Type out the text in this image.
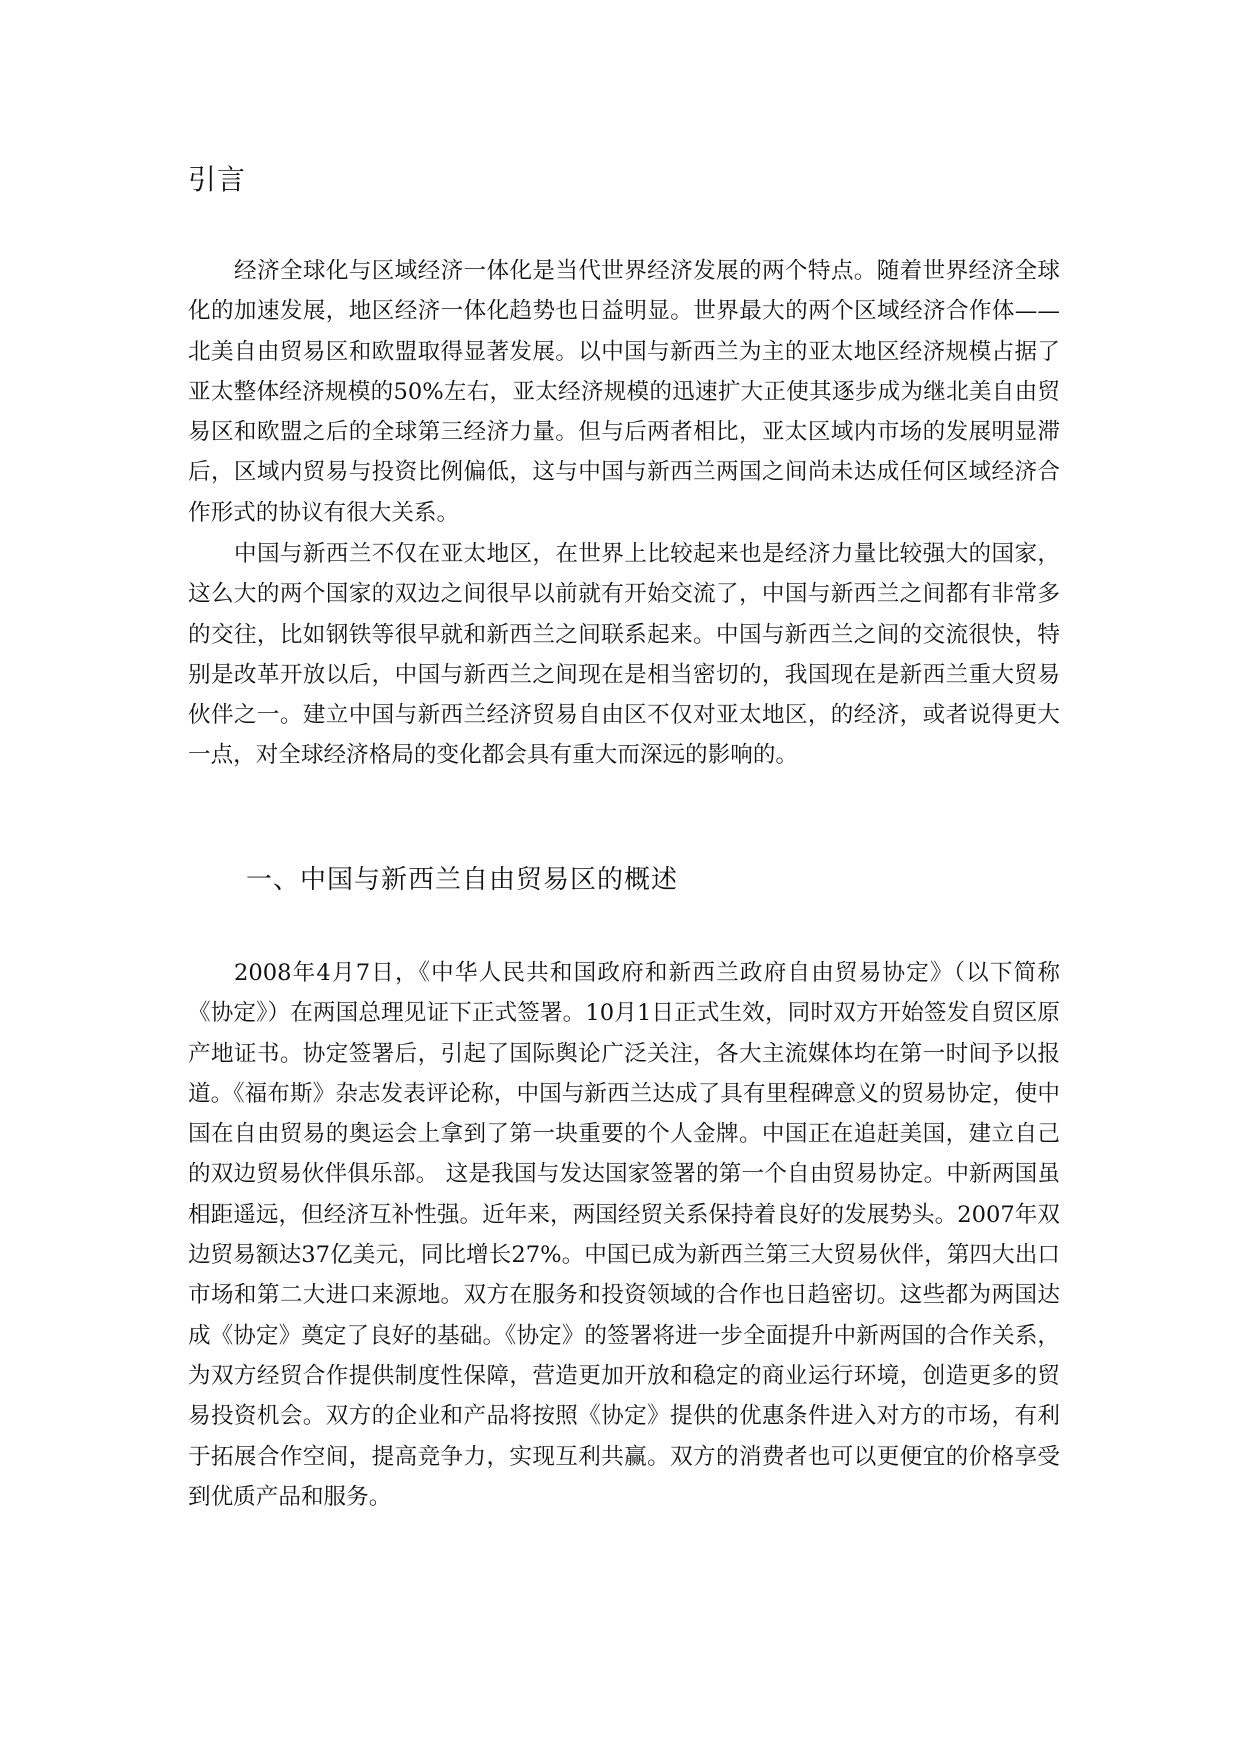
引言

经济全球化与区域经济一体化是当代世界经济发展的两个特点。随着世界经济全球化的加速发展，地区经济一体化趋势也日益明显。世界最大的两个区域经济合作体——北美自由贸易区和欧盟取得显著发展。以中国与新西兰为主的亚太地区经济规模占据了亚太整体经济规模的50%左右，亚太经济规模的迅速扩大正使其逐步成为继北美自由贸易区和欧盟之后的全球第三经济力量。但与后两者相比，亚太区域内市场的发展明显滞后，区域内贸易与投资比例偏低，这与中国与新西兰两国之间尚未达成任何区域经济合作形式的协议有很大关系。

中国与新西兰不仅在亚太地区，在世界上比较起来也是经济力量比较强大的国家，这么大的两个国家的双边之间很早以前就有开始交流了，中国与新西兰之间都有非常多的交往，比如钢铁等很早就和新西兰之间联系起来。中国与新西兰之间的交流很快，特别是改革开放以后，中国与新西兰之间现在是相当密切的，我国现在是新西兰重大贸易伙伴之一。建立中国与新西兰经济贸易自由区不仅对亚太地区，的经济，或者说得更大一点，对全球经济格局的变化都会具有重大而深远的影响的。

一、中国与新西兰自由贸易区的概述

2008年4月7日，《中华人民共和国政府和新西兰政府自由贸易协定》（以下简称《协定》）在两国总理见证下正式签署。10月1日正式生效，同时双方开始签发自贸区原产地证书。协定签署后，引起了国际舆论广泛关注，各大主流媒体均在第一时间予以报道。《福布斯》杂志发表评论称，中国与新西兰达成了具有里程碑意义的贸易协定，使中国在自由贸易的奥运会上拿到了第一块重要的个人金牌。中国正在追赶美国，建立自己的双边贸易伙伴俱乐部。 这是我国与发达国家签署的第一个自由贸易协定。中新两国虽相距遥远，但经济互补性强。近年来，两国经贸关系保持着良好的发展势头。2007年双边贸易额达37亿美元，同比增长27%。中国已成为新西兰第三大贸易伙伴，第四大出口市场和第二大进口来源地。双方在服务和投资领域的合作也日趋密切。这些都为两国达成《协定》奠定了良好的基础。《协定》的签署将进一步全面提升中新两国的合作关系，为双方经贸合作提供制度性保障，营造更加开放和稳定的商业运行环境，创造更多的贸易投资机会。双方的企业和产品将按照《协定》提供的优惠条件进入对方的市场，有利于拓展合作空间，提高竞争力，实现互利共赢。双方的消费者也可以更便宜的价格享受到优质产品和服务。
